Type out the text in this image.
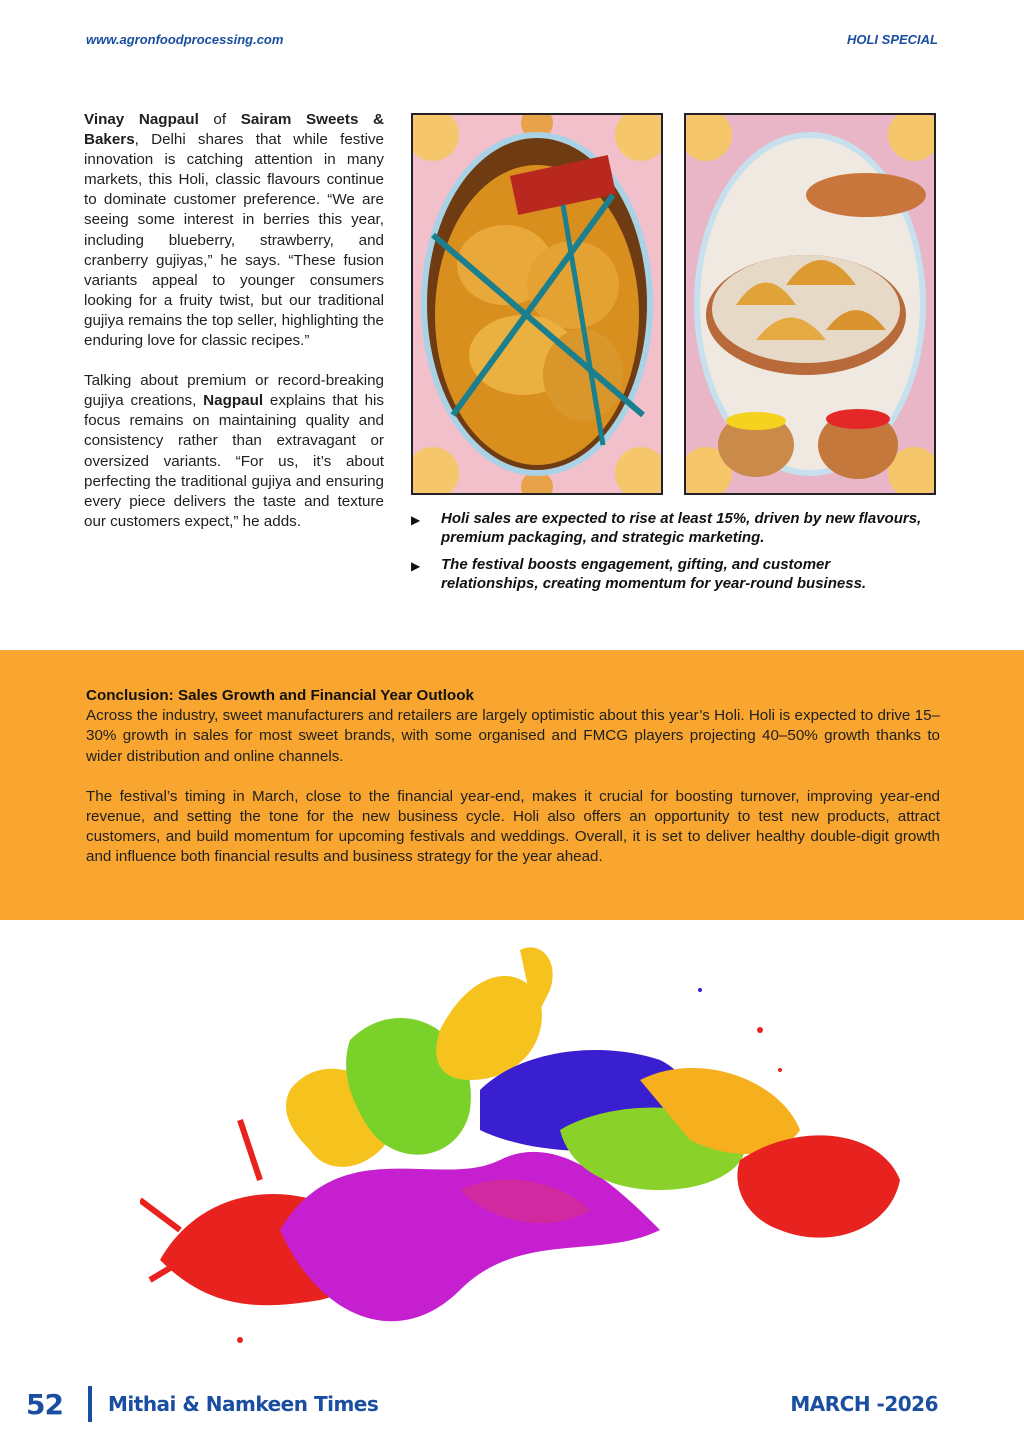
www.agronfoodprocessing.com	HOLI SPECIAL

Vinay Nagpaul of Sairam Sweets & Bakers, Delhi shares that while festive innovation is catching attention in many markets, this Holi, classic flavours continue to dominate customer preference. “We are seeing some interest in berries this year, including blueberry, strawberry, and cranberry gujiyas,” he says. “These fusion variants appeal to younger consumers looking for a fruity twist, but our traditional gujiya remains the top seller, highlighting the enduring love for classic recipes.”

Talking about premium or record-breaking gujiya creations, Nagpaul explains that his focus remains on maintaining quality and consistency rather than extravagant or oversized variants. “For us, it’s about perfecting the traditional gujiya and ensuring every piece delivers the taste and texture our customers expect,” he adds.	▶	Holi sales are expected to rise at least 15%, driven by new flavours, premium packaging, and strategic marketing.
▶	The festival boosts engagement, gifting, and customer relationships, creating momentum for year-round business.
Conclusion: Sales Growth and Financial Year Outlook

Across the industry, sweet manufacturers and retailers are largely optimistic about this year’s Holi. Holi is expected to drive 15–30% growth in sales for most sweet brands, with some organised and FMCG players projecting 40–50% growth thanks to wider distribution and online channels.

The festival’s timing in March, close to the financial year-end, makes it crucial for boosting turnover, improving year-end revenue, and setting the tone for the new business cycle. Holi also offers an opportunity to test new products, attract customers, and build momentum for upcoming festivals and weddings. Overall, it is set to deliver healthy double-digit growth and influence both financial results and business strategy for the year ahead.

52 Mithai & Namkeen Times	MARCH -2026
